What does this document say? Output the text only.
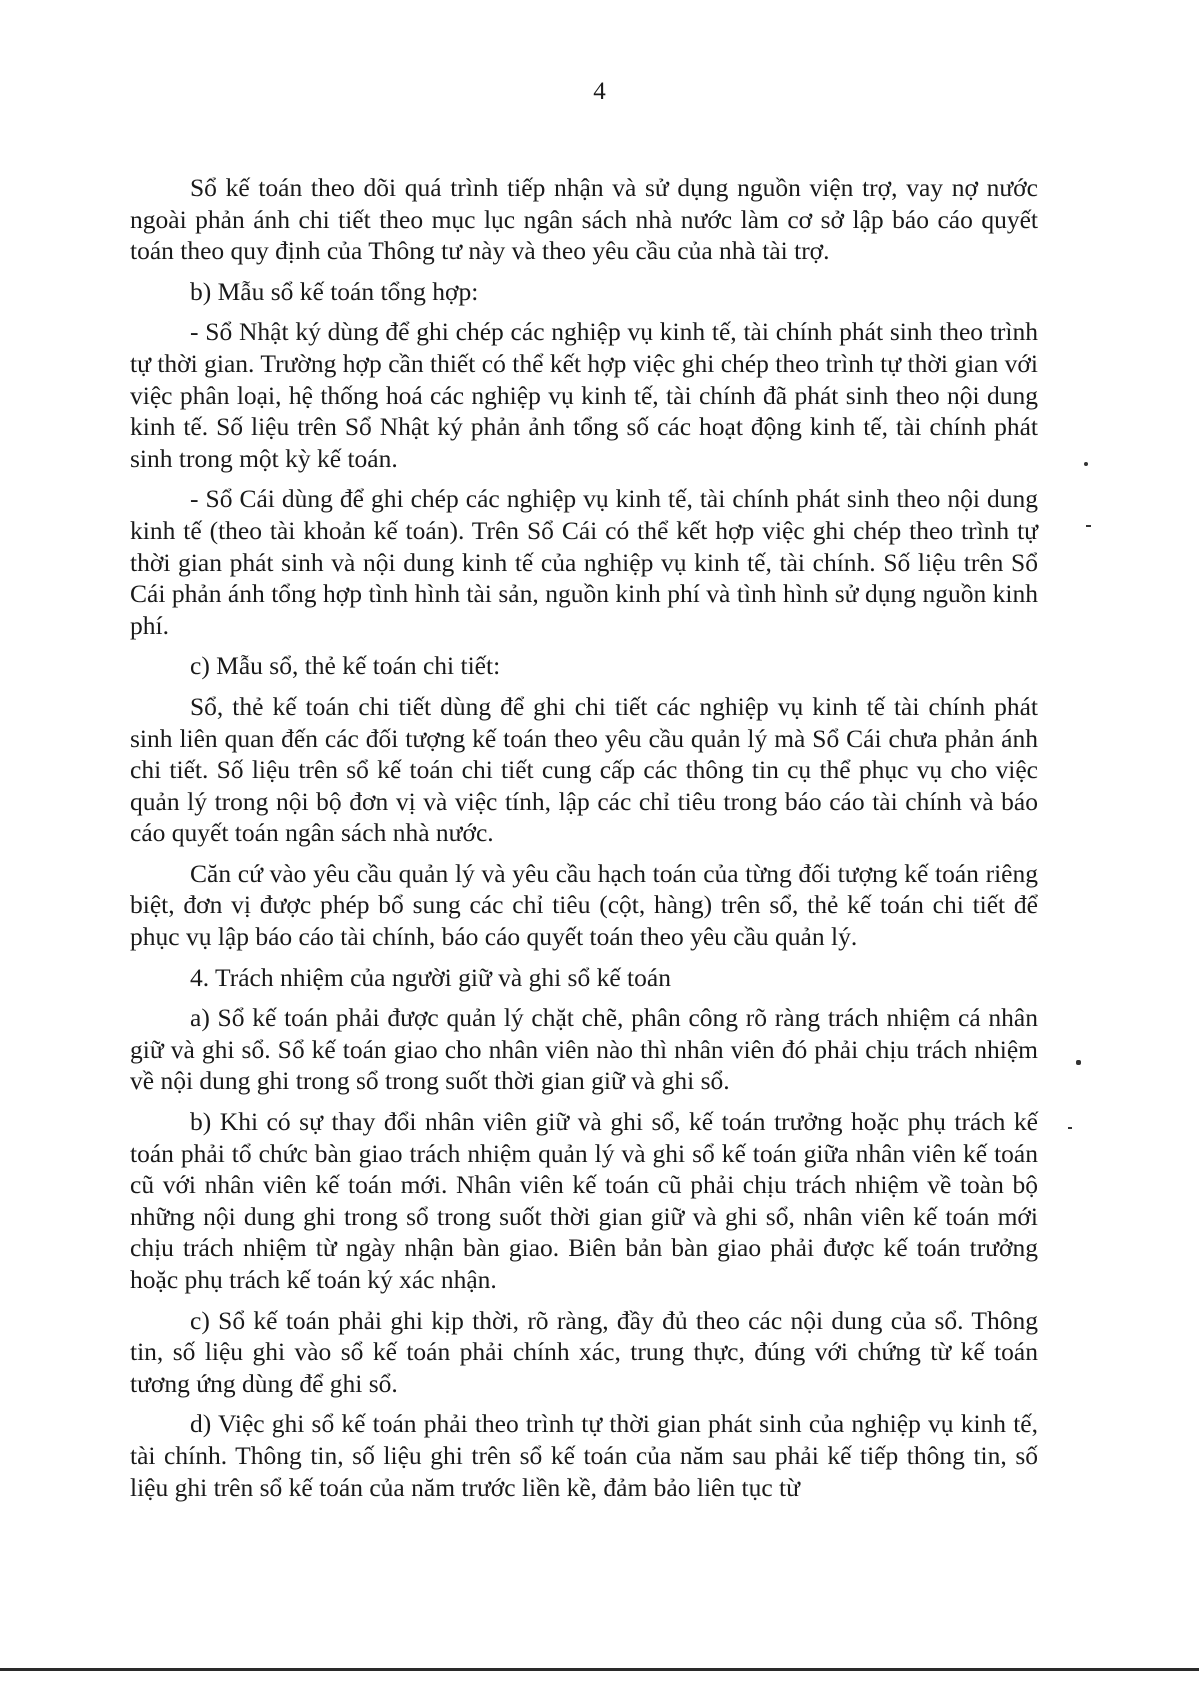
4

Sổ kế toán theo dõi quá trình tiếp nhận và sử dụng nguồn viện trợ, vay nợ nước ngoài phản ánh chi tiết theo mục lục ngân sách nhà nước làm cơ sở lập báo cáo quyết toán theo quy định của Thông tư này và theo yêu cầu của nhà tài trợ.

b) Mẫu sổ kế toán tổng hợp:

- Sổ Nhật ký dùng để ghi chép các nghiệp vụ kinh tế, tài chính phát sinh theo trình tự thời gian. Trường hợp cần thiết có thể kết hợp việc ghi chép theo trình tự thời gian với việc phân loại, hệ thống hoá các nghiệp vụ kinh tế, tài chính đã phát sinh theo nội dung kinh tế. Số liệu trên Sổ Nhật ký phản ảnh tổng số các hoạt động kinh tế, tài chính phát sinh trong một kỳ kế toán.

- Sổ Cái dùng để ghi chép các nghiệp vụ kinh tế, tài chính phát sinh theo nội dung kinh tế (theo tài khoản kế toán). Trên Sổ Cái có thể kết hợp việc ghi chép theo trình tự thời gian phát sinh và nội dung kinh tế của nghiệp vụ kinh tế, tài chính. Số liệu trên Sổ Cái phản ánh tổng hợp tình hình tài sản, nguồn kinh phí và tình hình sử dụng nguồn kinh phí.

c) Mẫu sổ, thẻ kế toán chi tiết:

Sổ, thẻ kế toán chi tiết dùng để ghi chi tiết các nghiệp vụ kinh tế tài chính phát sinh liên quan đến các đối tượng kế toán theo yêu cầu quản lý mà Sổ Cái chưa phản ánh chi tiết. Số liệu trên sổ kế toán chi tiết cung cấp các thông tin cụ thể phục vụ cho việc quản lý trong nội bộ đơn vị và việc tính, lập các chỉ tiêu trong báo cáo tài chính và báo cáo quyết toán ngân sách nhà nước.

Căn cứ vào yêu cầu quản lý và yêu cầu hạch toán của từng đối tượng kế toán riêng biệt, đơn vị được phép bổ sung các chỉ tiêu (cột, hàng) trên sổ, thẻ kế toán chi tiết để phục vụ lập báo cáo tài chính, báo cáo quyết toán theo yêu cầu quản lý.

4. Trách nhiệm của người giữ và ghi sổ kế toán

a) Sổ kế toán phải được quản lý chặt chẽ, phân công rõ ràng trách nhiệm cá nhân giữ và ghi sổ. Sổ kế toán giao cho nhân viên nào thì nhân viên đó phải chịu trách nhiệm về nội dung ghi trong sổ trong suốt thời gian giữ và ghi sổ.

b) Khi có sự thay đổi nhân viên giữ và ghi sổ, kế toán trưởng hoặc phụ trách kế toán phải tổ chức bàn giao trách nhiệm quản lý và ghi sổ kế toán giữa nhân viên kế toán cũ với nhân viên kế toán mới. Nhân viên kế toán cũ phải chịu trách nhiệm về toàn bộ những nội dung ghi trong sổ trong suốt thời gian giữ và ghi sổ, nhân viên kế toán mới chịu trách nhiệm từ ngày nhận bàn giao. Biên bản bàn giao phải được kế toán trưởng hoặc phụ trách kế toán ký xác nhận.

c) Sổ kế toán phải ghi kịp thời, rõ ràng, đầy đủ theo các nội dung của sổ. Thông tin, số liệu ghi vào sổ kế toán phải chính xác, trung thực, đúng với chứng từ kế toán tương ứng dùng để ghi sổ.

d) Việc ghi sổ kế toán phải theo trình tự thời gian phát sinh của nghiệp vụ kinh tế, tài chính. Thông tin, số liệu ghi trên sổ kế toán của năm sau phải kế tiếp thông tin, số liệu ghi trên sổ kế toán của năm trước liền kề, đảm bảo liên tục từ
